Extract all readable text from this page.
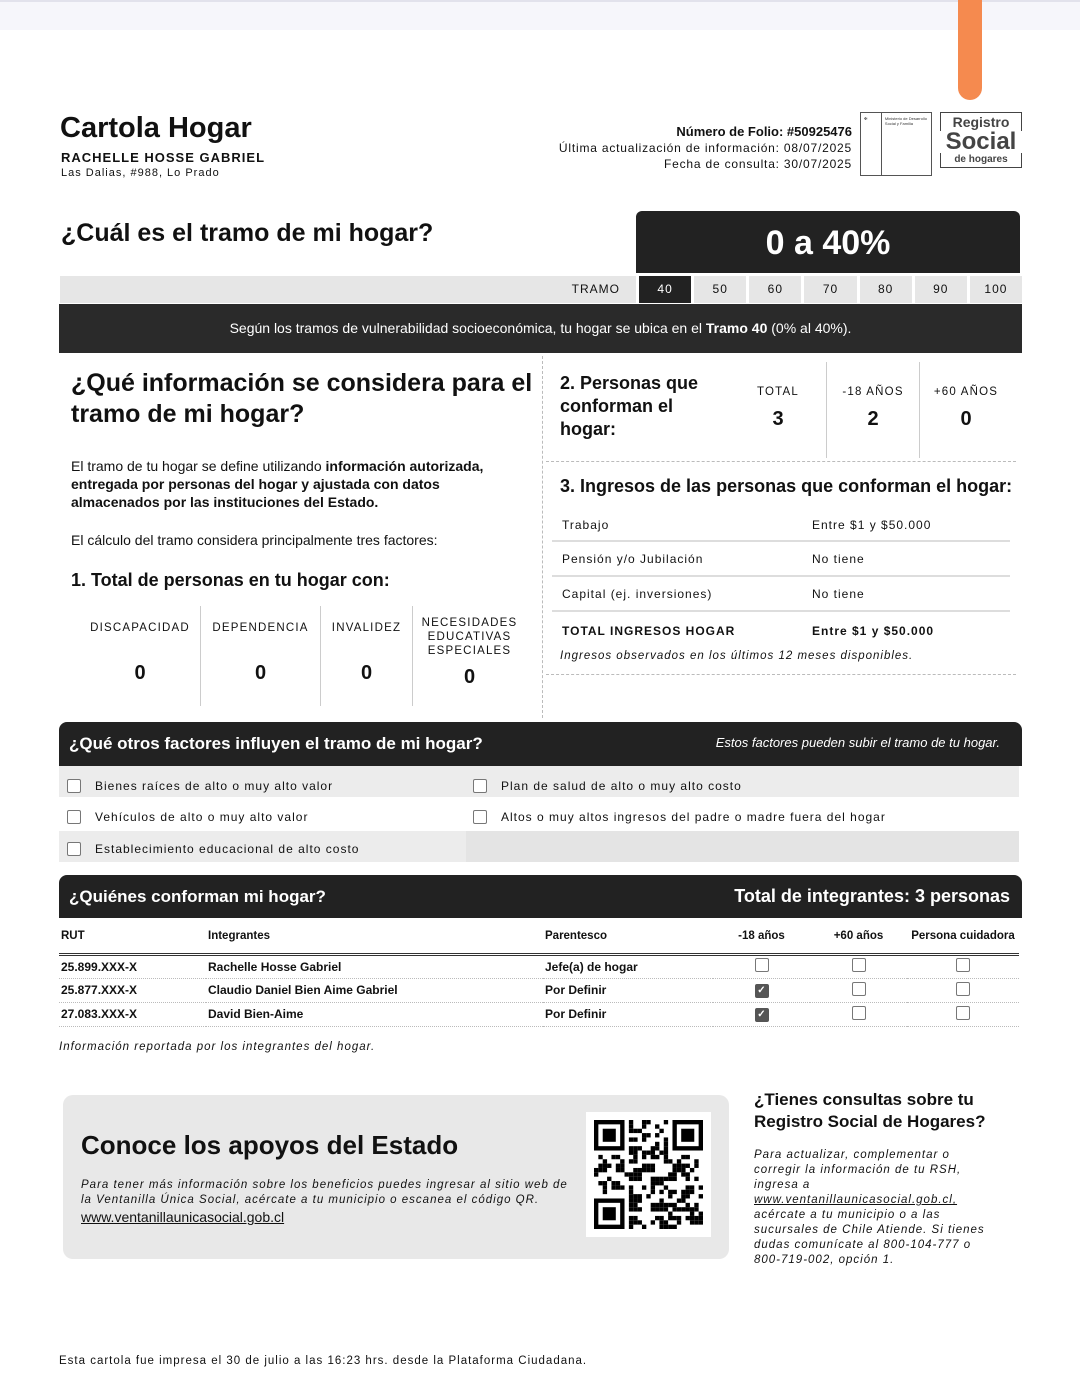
Cartola Hogar
RACHELLE HOSSE GABRIEL
Las Dalias, #988, Lo Prado
Número de Folio: #50925476
Última actualización de información: 08/07/2025
Fecha de consulta: 30/07/2025
✠	Ministerio de Desarrollo Social y Familia	Registro
Social
de hogares
¿Cuál es el tramo de mi hogar?	0 a 40%
TRAMO	40	50	60	70	80	90	100
Según los tramos de vulnerabilidad socioeconómica, tu hogar se ubica en el Tramo 40 (0% al 40%).
¿Qué información se considera para el tramo de mi hogar?
El tramo de tu hogar se define utilizando información autorizada, entregada por personas del hogar y ajustada con datos almacenados por las instituciones del Estado.
El cálculo del tramo considera principalmente tres factores:
1. Total de personas en tu hogar con:
DISCAPACIDAD
0
DEPENDENCIA
0
INVALIDEZ
0
NECESIDADES EDUCATIVAS ESPECIALES
0
2. Personas que conforman el hogar:
TOTAL
3
-18 AÑOS
2
+60 AÑOS
0
3. Ingresos de las personas que conforman el hogar:
Trabajo	Entre $1 y $50.000
Pensión y/o Jubilación	No tiene
Capital (ej. inversiones)	No tiene
TOTAL INGRESOS HOGAR	Entre $1 y $50.000
Ingresos observados en los últimos 12 meses disponibles.
¿Qué otros factores influyen el tramo de mi hogar?	Estos factores pueden subir el tramo de tu hogar.
Bienes raíces de alto o muy alto valor	Plan de salud de alto o muy alto costo
Vehículos de alto o muy alto valor	Altos o muy altos ingresos del padre o madre fuera del hogar
Establecimiento educacional de alto costo
¿Quiénes conforman mi hogar?	Total de integrantes: 3 personas
RUT	Integrantes	Parentesco	-18 años	+60 años	Persona cuidadora
25.899.XXX-X	Rachelle Hosse Gabriel	Jefe(a) de hogar			
25.877.XXX-X	Claudio Daniel Bien Aime Gabriel	Por Definir	✓		
27.083.XXX-X	David Bien-Aime	Por Definir	✓		
Información reportada por los integrantes del hogar.
Conoce los apoyos del Estado
Para tener más información sobre los beneficios puedes ingresar al sitio web de la Ventanilla Única Social, acércate a tu municipio o escanea el código QR.
www.ventanillaunicasocial.gob.cl
¿Tienes consultas sobre tu Registro Social de Hogares?
Para actualizar, complementar o corregir la información de tu RSH, ingresa a www.ventanillaunicasocial.gob.cl, acércate a tu municipio o a las sucursales de Chile Atiende. Si tienes dudas comunícate al 800-104-777 o 800-719-002, opción 1.
Esta cartola fue impresa el 30 de julio a las 16:23 hrs. desde la Plataforma Ciudadana.
